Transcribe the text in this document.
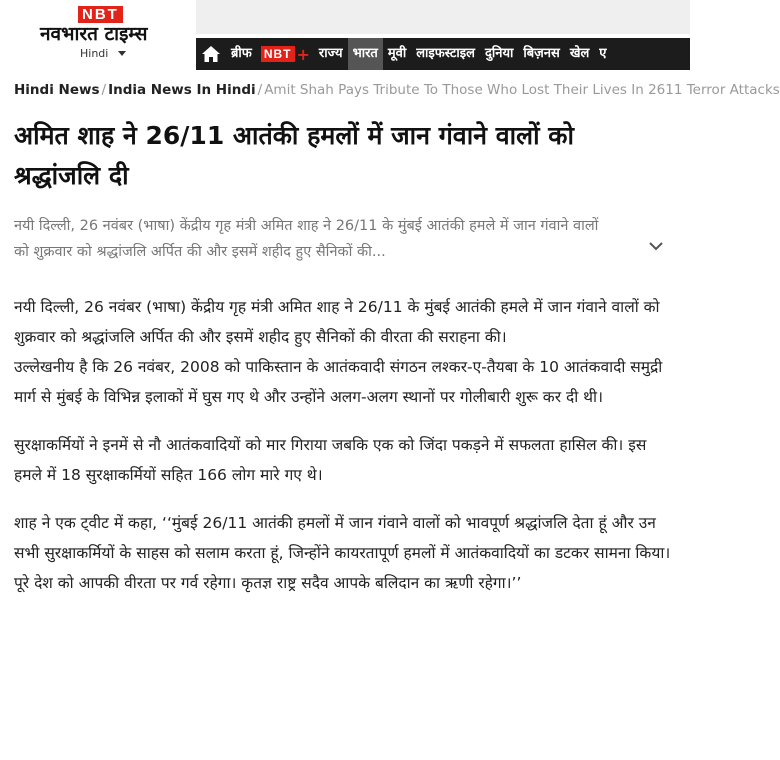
NBT
नवभारत टाइम्स
Hindi	ब्रीफ	NBT + राज्य भारत मूवी लाइफस्टाइल दुनिया बिज़नस खेल ए
Hindi News / India News In Hindi / Amit Shah Pays Tribute To Those Who Lost Their Lives In 2611 Terror Attacks
अमित शाह ने 26/11 आतंकी हमलों में जान गंवाने वालों को श्रद्धांजलि दी
नयी दिल्ली, 26 नवंबर (भाषा) केंद्रीय गृह मंत्री अमित शाह ने 26/11 के मुंबई आतंकी हमले में जान गंवाने वालों को शुक्रवार को श्रद्धांजलि अर्पित की और इसमें शहीद हुए सैनिकों की...

नयी दिल्ली, 26 नवंबर (भाषा) केंद्रीय गृह मंत्री अमित शाह ने 26/11 के मुंबई आतंकी हमले में जान गंवाने वालों को शुक्रवार को श्रद्धांजलि अर्पित की और इसमें शहीद हुए सैनिकों की वीरता की सराहना की।

उल्लेखनीय है कि 26 नवंबर, 2008 को पाकिस्तान के आतंकवादी संगठन लश्कर-ए-तैयबा के 10 आतंकवादी समुद्री मार्ग से मुंबई के विभिन्न इलाकों में घुस गए थे और उन्होंने अलग-अलग स्थानों पर गोलीबारी शुरू कर दी थी।

सुरक्षाकर्मियों ने इनमें से नौ आतंकवादियों को मार गिराया जबकि एक को जिंदा पकड़ने में सफलता हासिल की। इस हमले में 18 सुरक्षाकर्मियों सहित 166 लोग मारे गए थे।

शाह ने एक ट्वीट में कहा, ‘‘मुंबई 26/11 आतंकी हमलों में जान गंवाने वालों को भावपूर्ण श्रद्धांजलि देता हूं और उन सभी सुरक्षाकर्मियों के साहस को सलाम करता हूं, जिन्होंने कायरतापूर्ण हमलों में आतंकवादियों का डटकर सामना किया। पूरे देश को आपकी वीरता पर गर्व रहेगा। कृतज्ञ राष्ट्र सदैव आपके बलिदान का ऋणी रहेगा।’’
